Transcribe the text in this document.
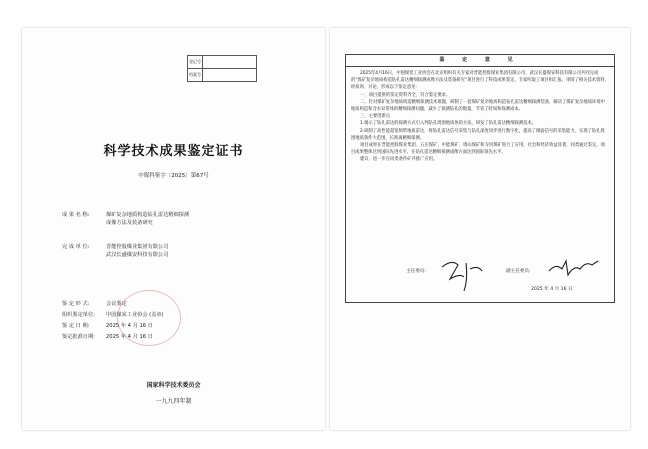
登记号	
档案号	
科学技术成果鉴定证书
中煤科鉴字〔2025〕第67号
成 果 名 称:	煤矿复杂地质构造钻孔雷达精细探测
成像方法及装备研究
完 成 单 位:	晋能控股煤业集团有限公司
武汉长盛煤安科技有限公司
鉴 定 形 式:	会议鉴定
组织鉴定单位: 中国煤炭工业协会 (盖章)
鉴 定 日 期:	2025 年 4 月 16 日
鉴定批准日期: 2025 年 4 月 16 日
国家科学技术委员会
一九九四年制
鉴 定 意 见

2025年4月16日，中国煤炭工业协会在北京组织有关专家对晋能控股煤业集团有限公司、武汉长盛煤安科技有限公司共同完成的“煤矿复杂地质构造钻孔雷达精细探测成像方法及装备研究”项目进行了科技成果鉴定。专家听取了项目组汇报，审阅了相关技术资料，经质询、讨论，形成以下鉴定意见：

一、项目提供的鉴定资料齐全，符合鉴定要求。

二、针对煤矿复杂地质构造精细探测技术难题，研制了一套煤矿复杂地质构造钻孔雷达精细探测装备，解决了煤矿复杂地质环境中地质构造和含水异常体的精细探测问题，减少了探测钻孔的数量，节省了时间和探测成本。

三、主要创新点

1.揭示了钻孔雷达的探测方式引入判钻孔周围地质体的方法，研发了钻孔雷达精细探测技术。

2.研制了高性能超宽频带地质雷达，将钻孔雷达信号采集与钻孔深度同步进行数字化，提高了微弱信号的采集能力，实现了钻孔周围地质条件大范围、长距离精细探测。

项目成果在晋能控股煤业集团、五庄煤矿、中能煤矿、塔山煤矿和寺河煤矿进行了应用，社会和经济效益显著，同类通过鉴定。项目成果整体达到国际先进水平，在钻孔雷达精细探测成像方面达到国际领先水平。

建议：进一步在同类条件矿井推广应用。

主任委员:	副主任委员:
2025 年 4 月 16 日
